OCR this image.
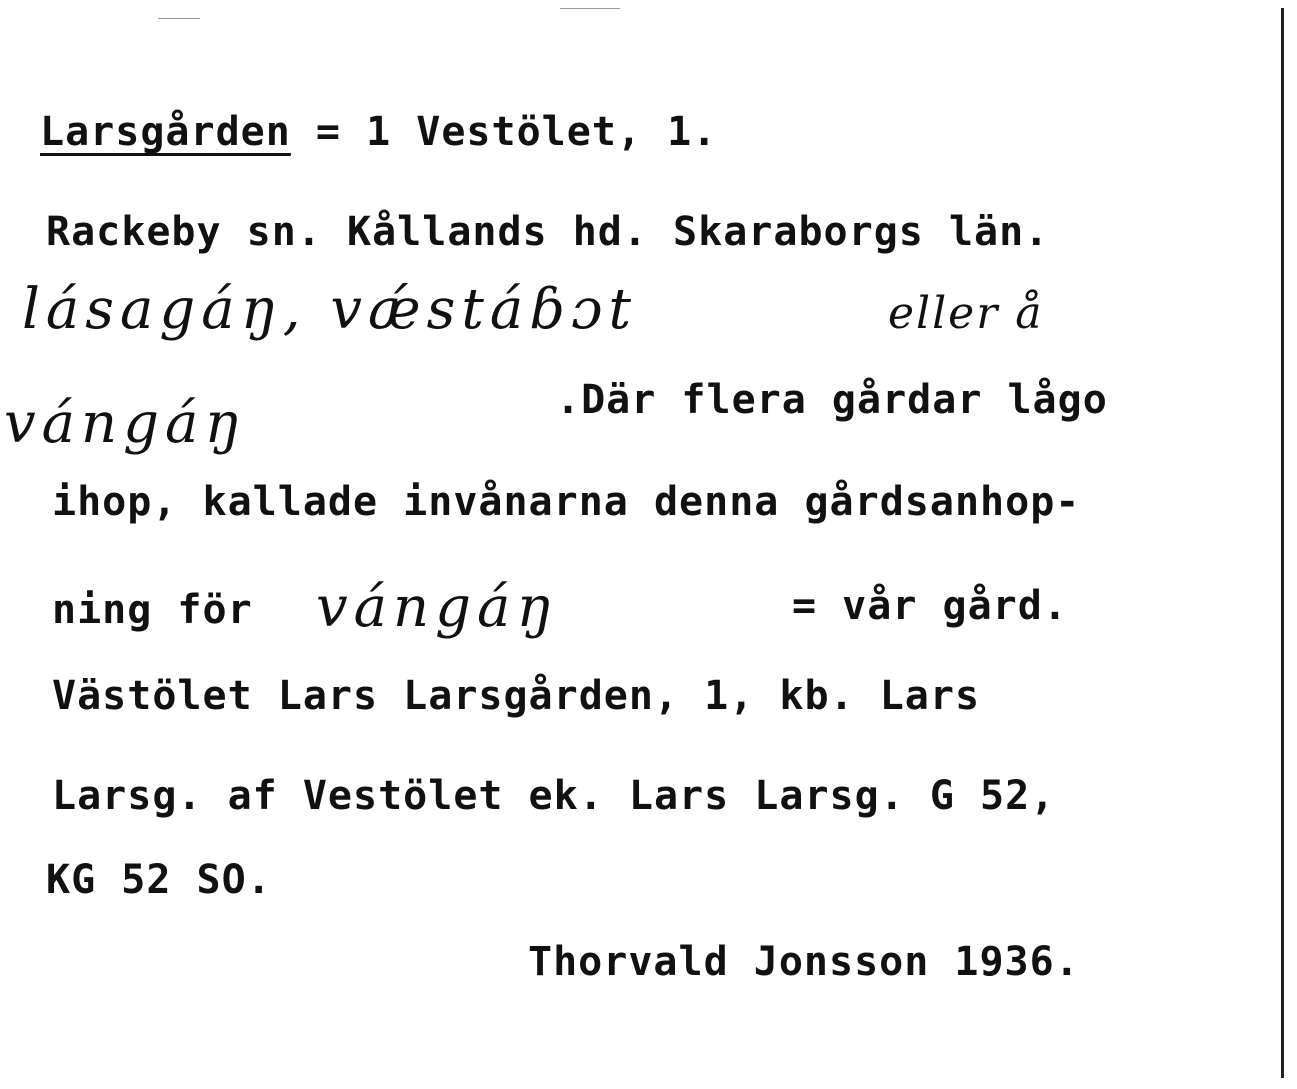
Larsgården = 1 Vestölet, 1.
Rackeby sn. Kållands hd. Skaraborgs län.
lásagáŋ, vǽstáɓɔt	eller å
vángáŋ	.Där flera gårdar lågo
ihop, kallade invånarna denna gårdsanhop-
ning för vángáŋ	= vår gård.
Västölet Lars Larsgården, 1, kb. Lars
Larsg. af Vestölet ek. Lars Larsg. G 52,
KG 52 SO.
Thorvald Jonsson 1936.
